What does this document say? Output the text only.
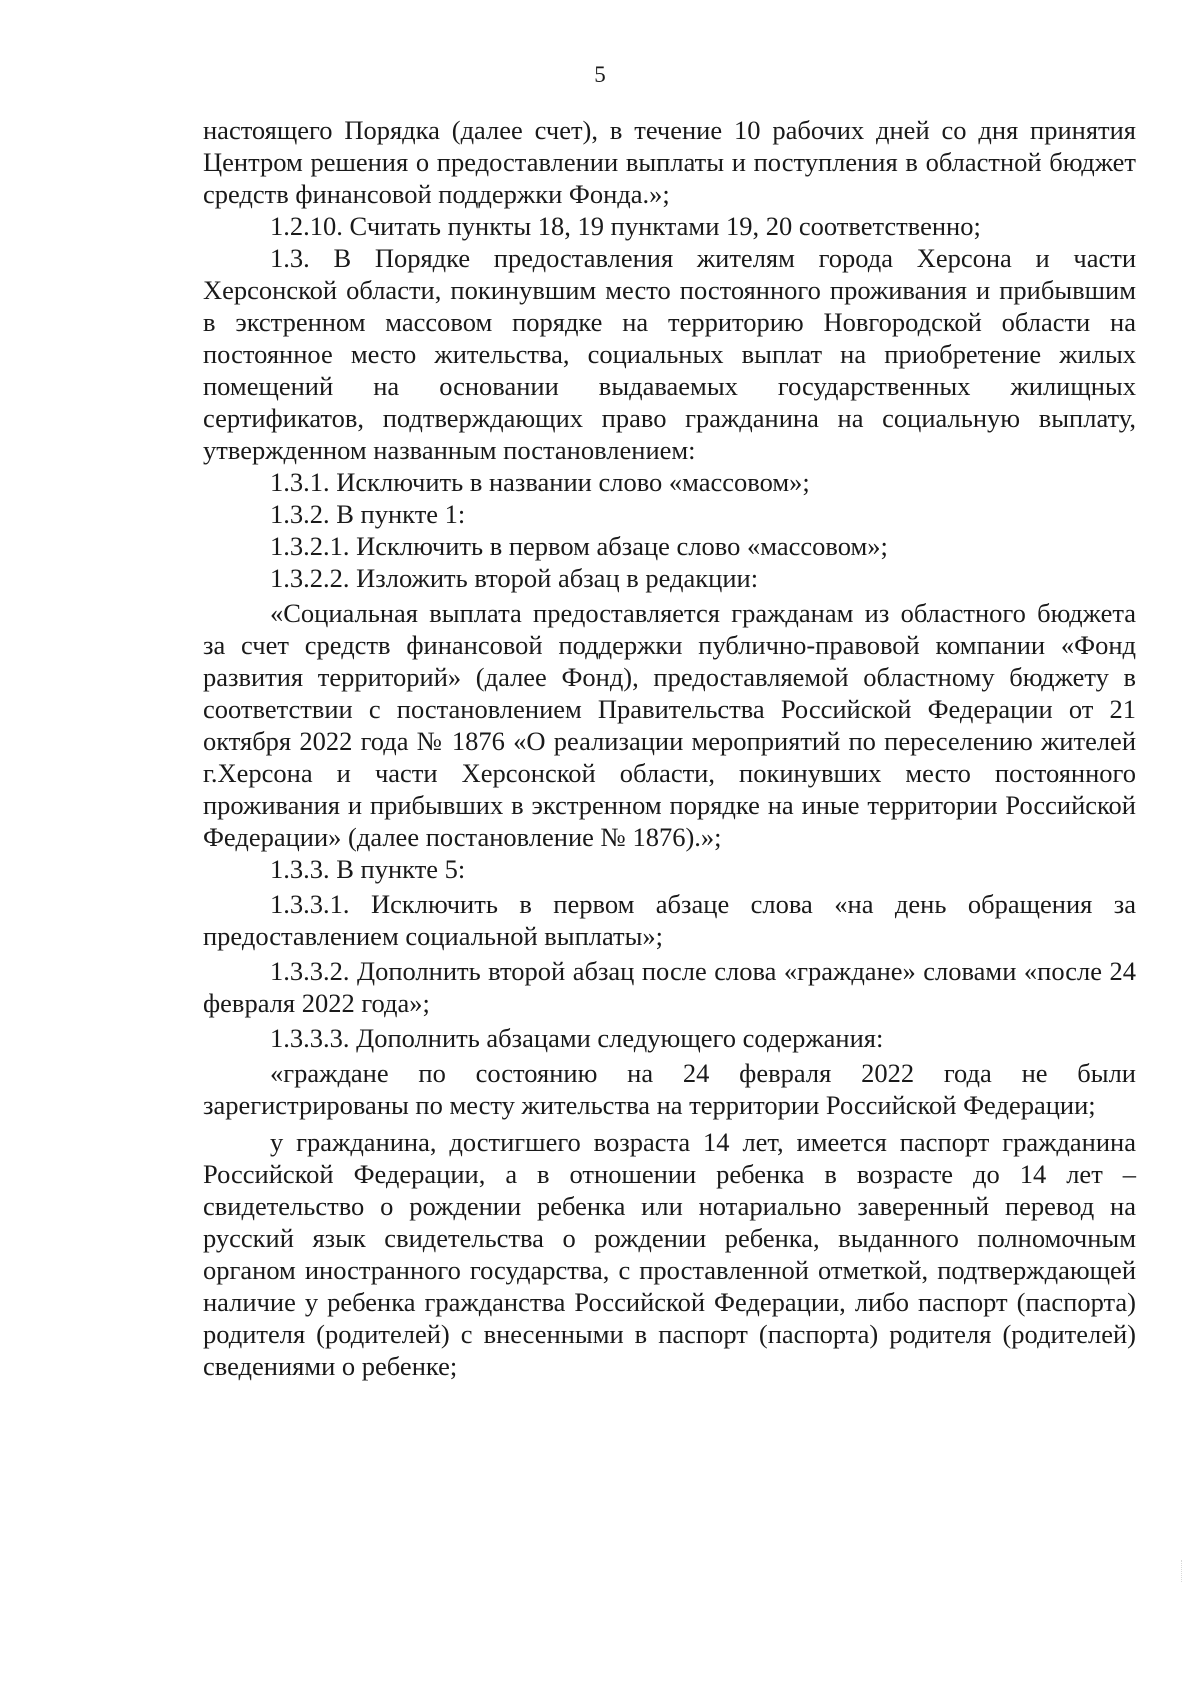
5

настоящего Порядка (далее счет), в течение 10 рабочих дней со дня принятия Центром решения о предоставлении выплаты и поступления в областной бюджет средств финансовой поддержки Фонда.»;

1.2.10. Считать пункты 18, 19 пунктами 19, 20 соответственно;

1.3. В Порядке предоставления жителям города Херсона и части Херсонской области, покинувшим место постоянного проживания и прибывшим в экстренном массовом порядке на территорию Новгородской области на постоянное место жительства, социальных выплат на приобретение жилых помещений на основании выдаваемых государственных жилищных сертификатов, подтверждающих право гражданина на социальную выплату, утвержденном названным постановлением:

1.3.1. Исключить в названии слово «массовом»;

1.3.2. В пункте 1:

1.3.2.1. Исключить в первом абзаце слово «массовом»;

1.3.2.2. Изложить второй абзац в редакции:

«Социальная выплата предоставляется гражданам из областного бюджета за счет средств финансовой поддержки публично-правовой компании «Фонд развития территорий» (далее Фонд), предоставляемой областному бюджету в соответствии с постановлением Правительства Российской Федерации от 21 октября 2022 года № 1876 «О реализации мероприятий по переселению жителей г.Херсона и части Херсонской области, покинувших место постоянного проживания и прибывших в экстренном порядке на иные территории Российской Федерации» (далее постановление № 1876).»;

1.3.3. В пункте 5:

1.3.3.1. Исключить в первом абзаце слова «на день обращения за предоставлением социальной выплаты»;

1.3.3.2. Дополнить второй абзац после слова «граждане» словами «после 24 февраля 2022 года»;

1.3.3.3. Дополнить абзацами следующего содержания:

«граждане по состоянию на 24 февраля 2022 года не были зарегистрированы по месту жительства на территории Российской Федерации;

у гражданина, достигшего возраста 14 лет, имеется паспорт гражданина Российской Федерации, а в отношении ребенка в возрасте до 14 лет – свидетельство о рождении ребенка или нотариально заверенный перевод на русский язык свидетельства о рождении ребенка, выданного полномочным органом иностранного государства, с проставленной отметкой, подтверждающей наличие у ребенка гражданства Российской Федерации, либо паспорт (паспорта) родителя (родителей) с внесенными в паспорт (паспорта) родителя (родителей) сведениями о ребенке;
